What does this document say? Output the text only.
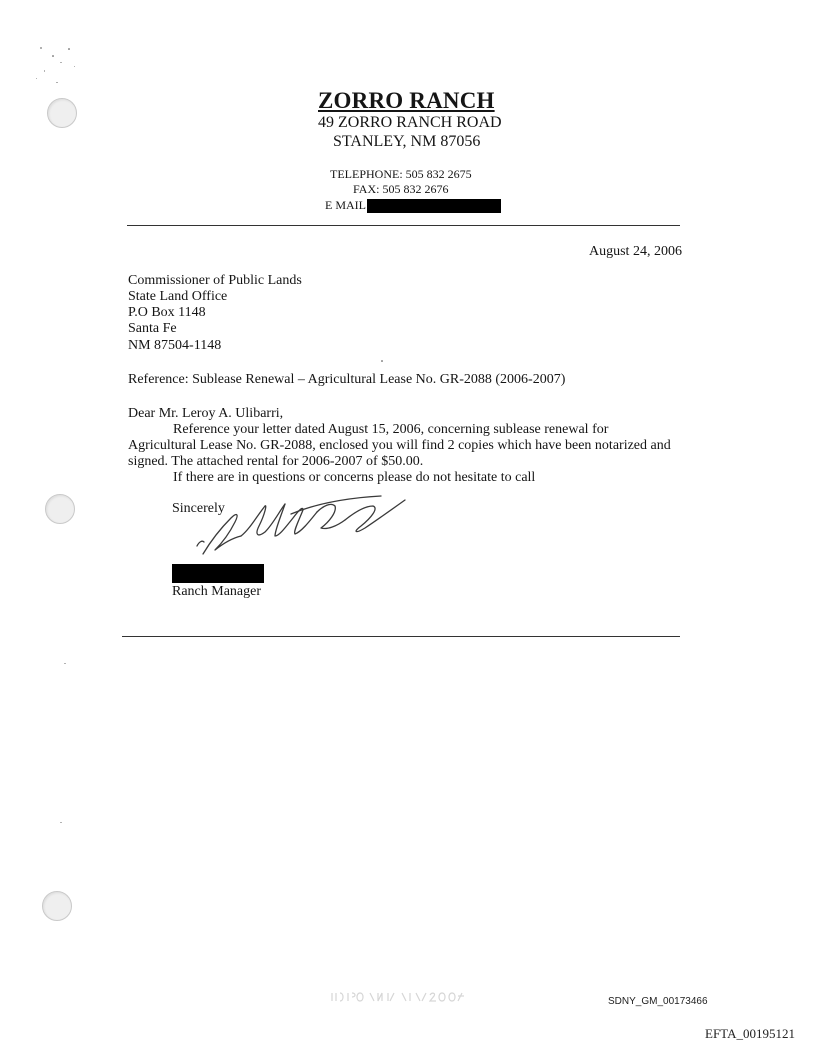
ZORRO RANCH
49 ZORRO RANCH ROAD
STANLEY, NM 87056
TELEPHONE: 505 832 2675
FAX: 505 832 2676
E MAIL
August 24, 2006
Commissioner of Public Lands
State Land Office
P.O Box 1148
Santa Fe
NM 87504-1148
Reference: Sublease Renewal – Agricultural Lease No. GR-2088 (2006-2007)
Dear Mr. Leroy A. Ulibarri,
Reference your letter dated August 15, 2006, concerning sublease renewal for
Agricultural Lease No. GR-2088, enclosed you will find 2 copies which have been notarized and
signed. The attached rental for 2006-2007 of $50.00.
If there are in questions or concerns please do not hesitate to call
Sincerely
Ranch Manager
SDNY_GM_00173466
EFTA_00195121
